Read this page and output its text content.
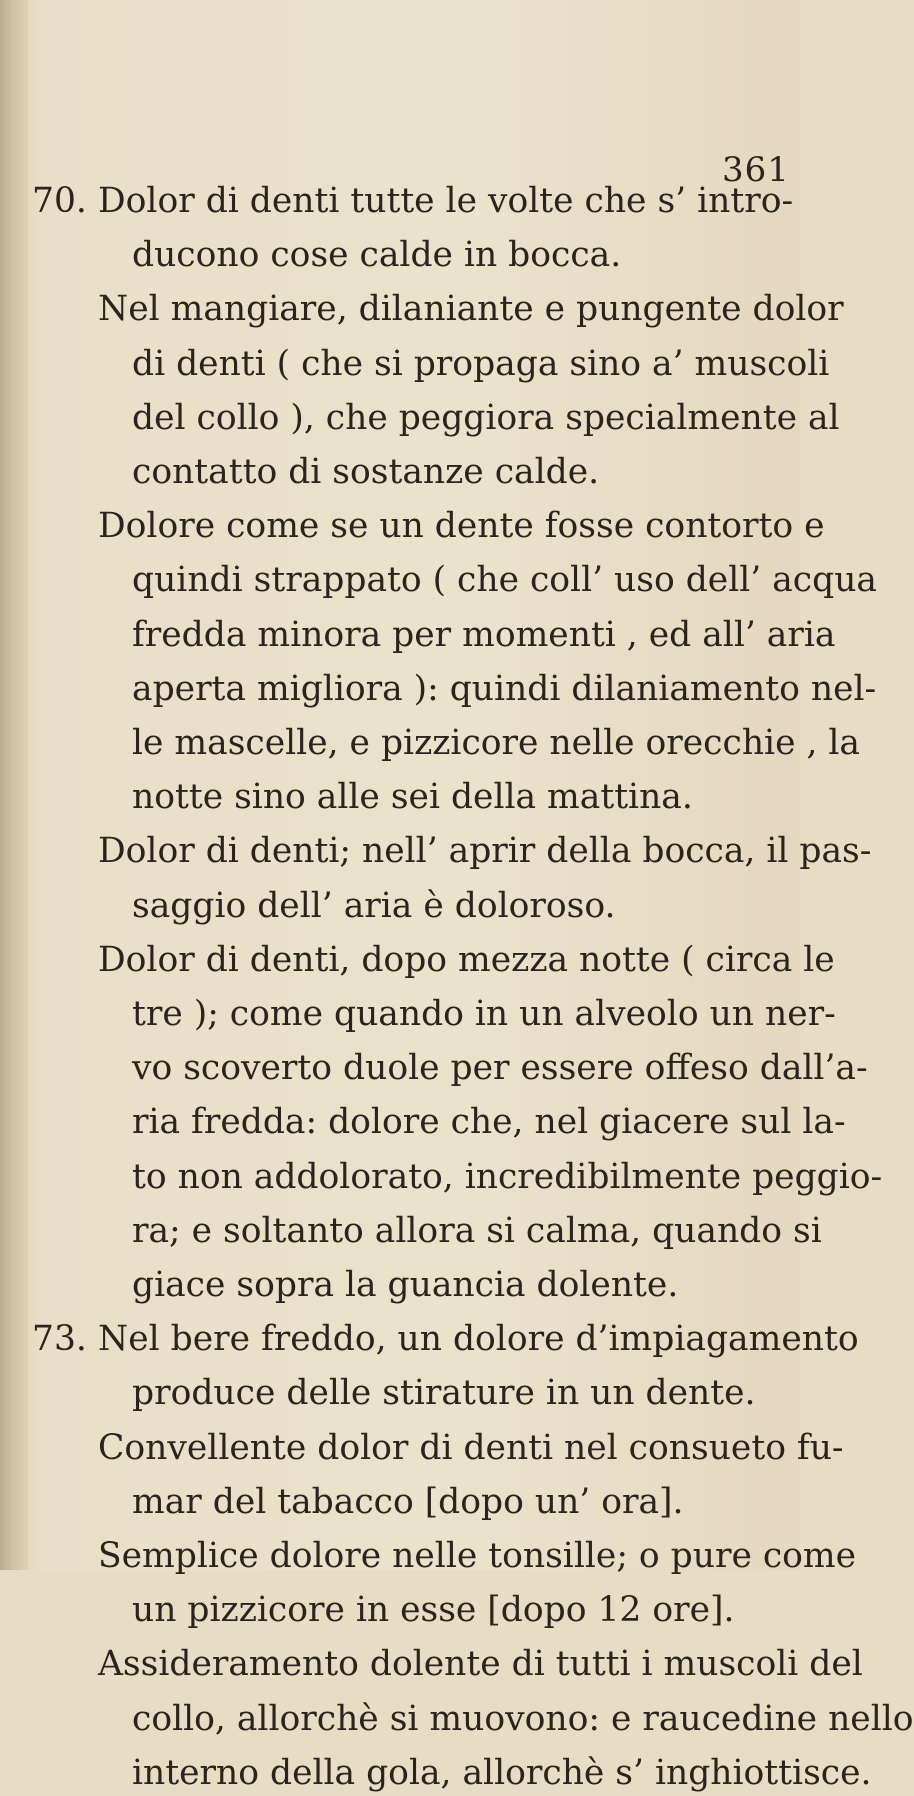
361
70. Dolor di denti tutte le volte che s’ intro-
ducono cose calde in bocca.
Nel mangiare, dilaniante e pungente dolor
di denti ( che si propaga sino a’ muscoli
del collo ), che peggiora specialmente al
contatto di sostanze calde.
Dolore come se un dente fosse contorto e
quindi strappato ( che coll’ uso dell’ acqua
fredda minora per momenti , ed all’ aria
aperta migliora ): quindi dilaniamento nel-
le mascelle, e pizzicore nelle orecchie , la
notte sino alle sei della mattina.
Dolor di denti; nell’ aprir della bocca, il pas-
saggio dell’ aria è doloroso.
Dolor di denti, dopo mezza notte ( circa le
tre ); come quando in un alveolo un ner-
vo scoverto duole per essere offeso dall’a-
ria fredda: dolore che, nel giacere sul la-
to non addolorato, incredibilmente peggio-
ra; e soltanto allora si calma, quando si
giace sopra la guancia dolente.
73. Nel bere freddo, un dolore d’impiagamento
produce delle stirature in un dente.
Convellente dolor di denti nel consueto fu-
mar del tabacco [dopo un’ ora].
Semplice dolore nelle tonsille; o pure come
un pizzicore in esse [dopo 12 ore].
Assideramento dolente di tutti i muscoli del
collo, allorchè si muovono: e raucedine nello
interno della gola, allorchè s’ inghiottisce.
